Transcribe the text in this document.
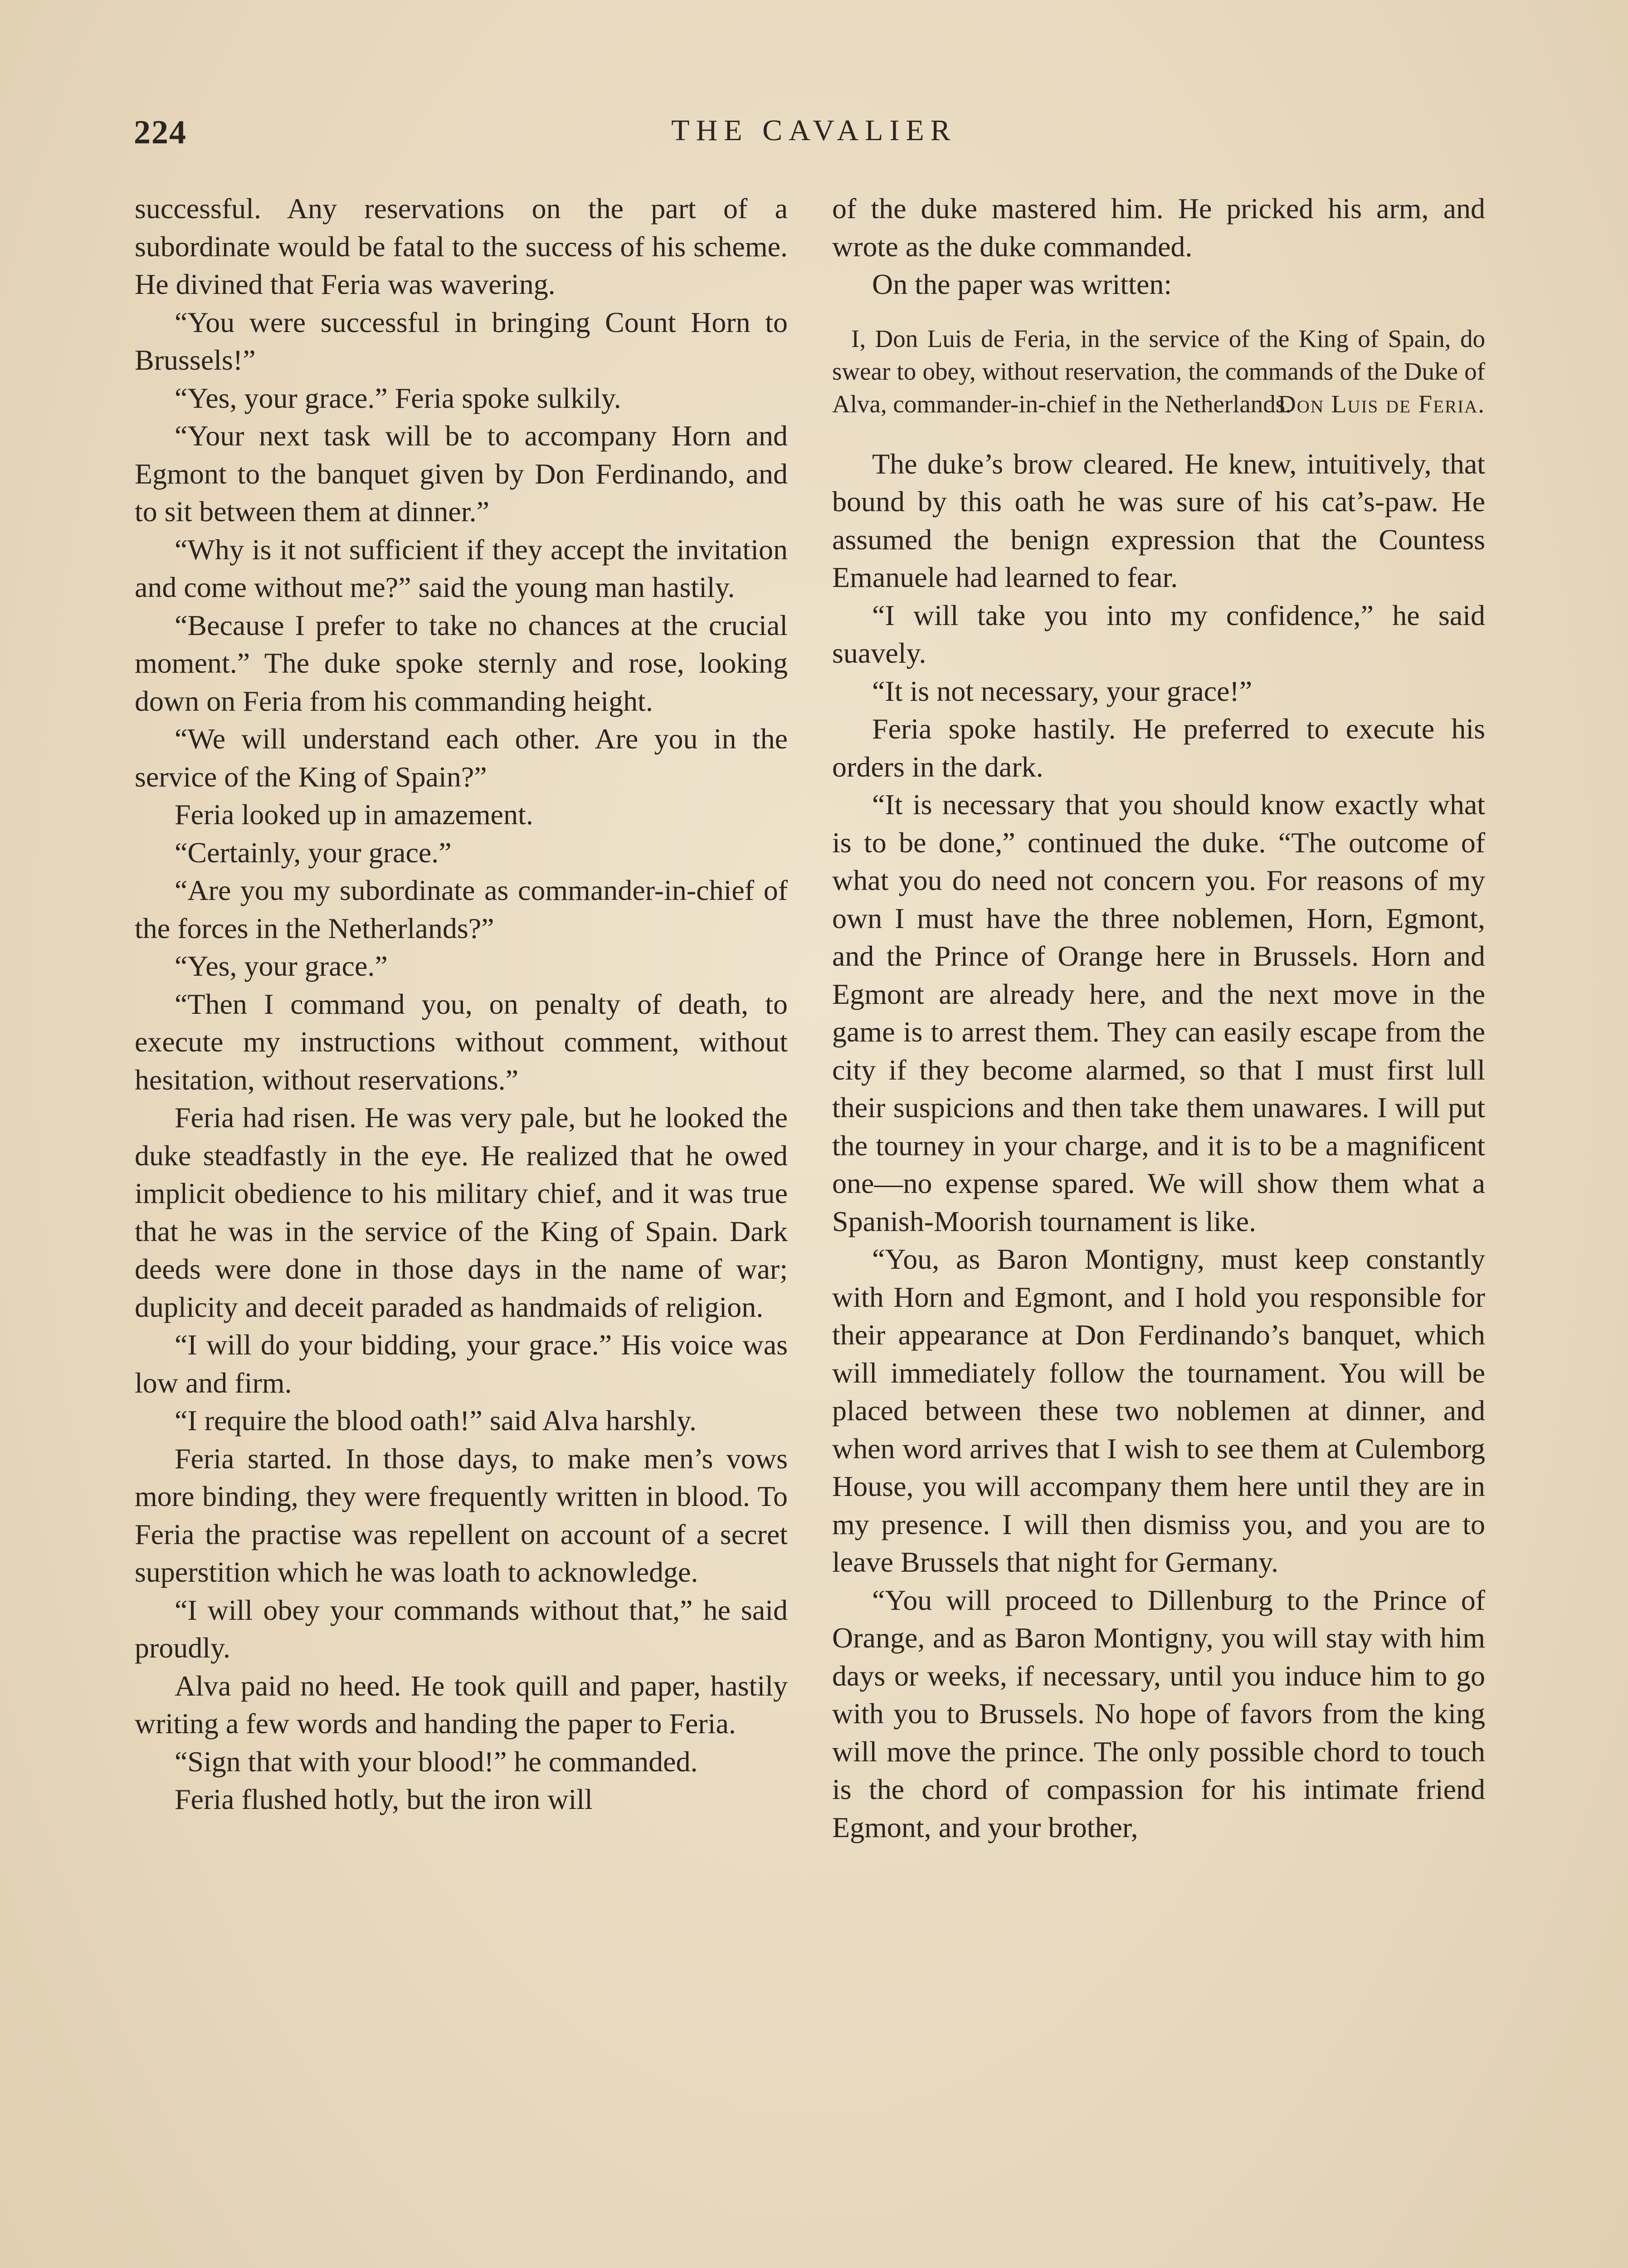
224	THE CAVALIER

successful. Any reservations on the part of a subordinate would be fatal to the success of his scheme. He divined that Feria was wavering.

“You were successful in bringing Count Horn to Brussels!”

“Yes, your grace.” Feria spoke sulkily.

“Your next task will be to accompany Horn and Egmont to the banquet given by Don Ferdinando, and to sit between them at dinner.”

“Why is it not sufficient if they accept the invitation and come without me?” said the young man hastily.

“Because I prefer to take no chances at the crucial moment.” The duke spoke sternly and rose, looking down on Feria from his commanding height.

“We will understand each other. Are you in the service of the King of Spain?”

Feria looked up in amazement.

“Certainly, your grace.”

“Are you my subordinate as commander-in-chief of the forces in the Netherlands?”

“Yes, your grace.”

“Then I command you, on penalty of death, to execute my instructions without comment, without hesitation, without reservations.”

Feria had risen. He was very pale, but he looked the duke steadfastly in the eye. He realized that he owed implicit obedience to his military chief, and it was true that he was in the service of the King of Spain. Dark deeds were done in those days in the name of war; duplicity and deceit paraded as handmaids of religion.

“I will do your bidding, your grace.” His voice was low and firm.

“I require the blood oath!” said Alva harshly.

Feria started. In those days, to make men’s vows more binding, they were frequently written in blood. To Feria the practise was repellent on account of a secret superstition which he was loath to acknowledge.

“I will obey your commands without that,” he said proudly.

Alva paid no heed. He took quill and paper, hastily writing a few words and handing the paper to Feria.

“Sign that with your blood!” he commanded.

Feria flushed hotly, but the iron will

of the duke mastered him. He pricked his arm, and wrote as the duke commanded.

On the paper was written:

I, Don Luis de Feria, in the service of the King of Spain, do swear to obey, without reservation, the commands of the Duke of Alva, commander-in-chief in the Netherlands.

Don Luis de Feria.

The duke’s brow cleared. He knew, intuitively, that bound by this oath he was sure of his cat’s-paw. He assumed the benign expression that the Countess Emanuele had learned to fear.

“I will take you into my confidence,” he said suavely.

“It is not necessary, your grace!”

Feria spoke hastily. He preferred to execute his orders in the dark.

“It is necessary that you should know exactly what is to be done,” continued the duke. “The outcome of what you do need not concern you. For reasons of my own I must have the three noblemen, Horn, Egmont, and the Prince of Orange here in Brussels. Horn and Egmont are already here, and the next move in the game is to arrest them. They can easily escape from the city if they become alarmed, so that I must first lull their suspicions and then take them unawares. I will put the tourney in your charge, and it is to be a magnificent one—no expense spared. We will show them what a Spanish-Moorish tournament is like.

“You, as Baron Montigny, must keep constantly with Horn and Egmont, and I hold you responsible for their appearance at Don Ferdinando’s banquet, which will immediately follow the tournament. You will be placed between these two noblemen at dinner, and when word arrives that I wish to see them at Culemborg House, you will accompany them here until they are in my presence. I will then dismiss you, and you are to leave Brussels that night for Germany.

“You will proceed to Dillenburg to the Prince of Orange, and as Baron Montigny, you will stay with him days or weeks, if necessary, until you induce him to go with you to Brussels. No hope of favors from the king will move the prince. The only possible chord to touch is the chord of compassion for his intimate friend Egmont, and your brother,
